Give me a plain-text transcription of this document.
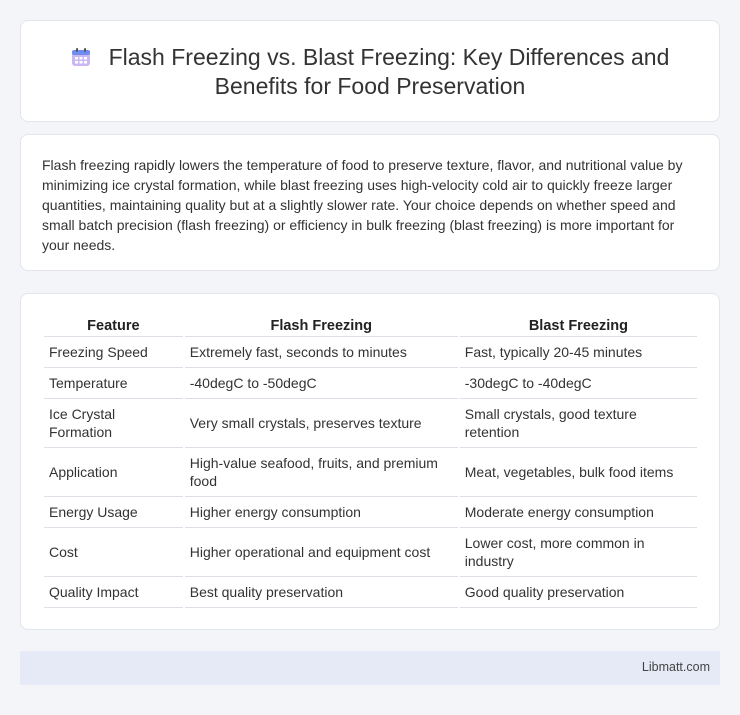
Flash Freezing vs. Blast Freezing: Key Differences and
Benefits for Food Preservation

Flash freezing rapidly lowers the temperature of food to preserve texture, flavor, and nutritional value by minimizing ice crystal formation, while blast freezing uses high-velocity cold air to quickly freeze larger quantities, maintaining quality but at a slightly slower rate. Your choice depends on whether speed and small batch precision (flash freezing) or efficiency in bulk freezing (blast freezing) is more important for your needs.

Feature	Flash Freezing	Blast Freezing
Freezing Speed	Extremely fast, seconds to minutes	Fast, typically 20-45 minutes
Temperature	-40degC to -50degC	-30degC to -40degC
Ice Crystal Formation	Very small crystals, preserves texture	Small crystals, good texture retention
Application	High-value seafood, fruits, and premium food	Meat, vegetables, bulk food items
Energy Usage	Higher energy consumption	Moderate energy consumption
Cost	Higher operational and equipment cost	Lower cost, more common in industry
Quality Impact	Best quality preservation	Good quality preservation
Libmatt.com
